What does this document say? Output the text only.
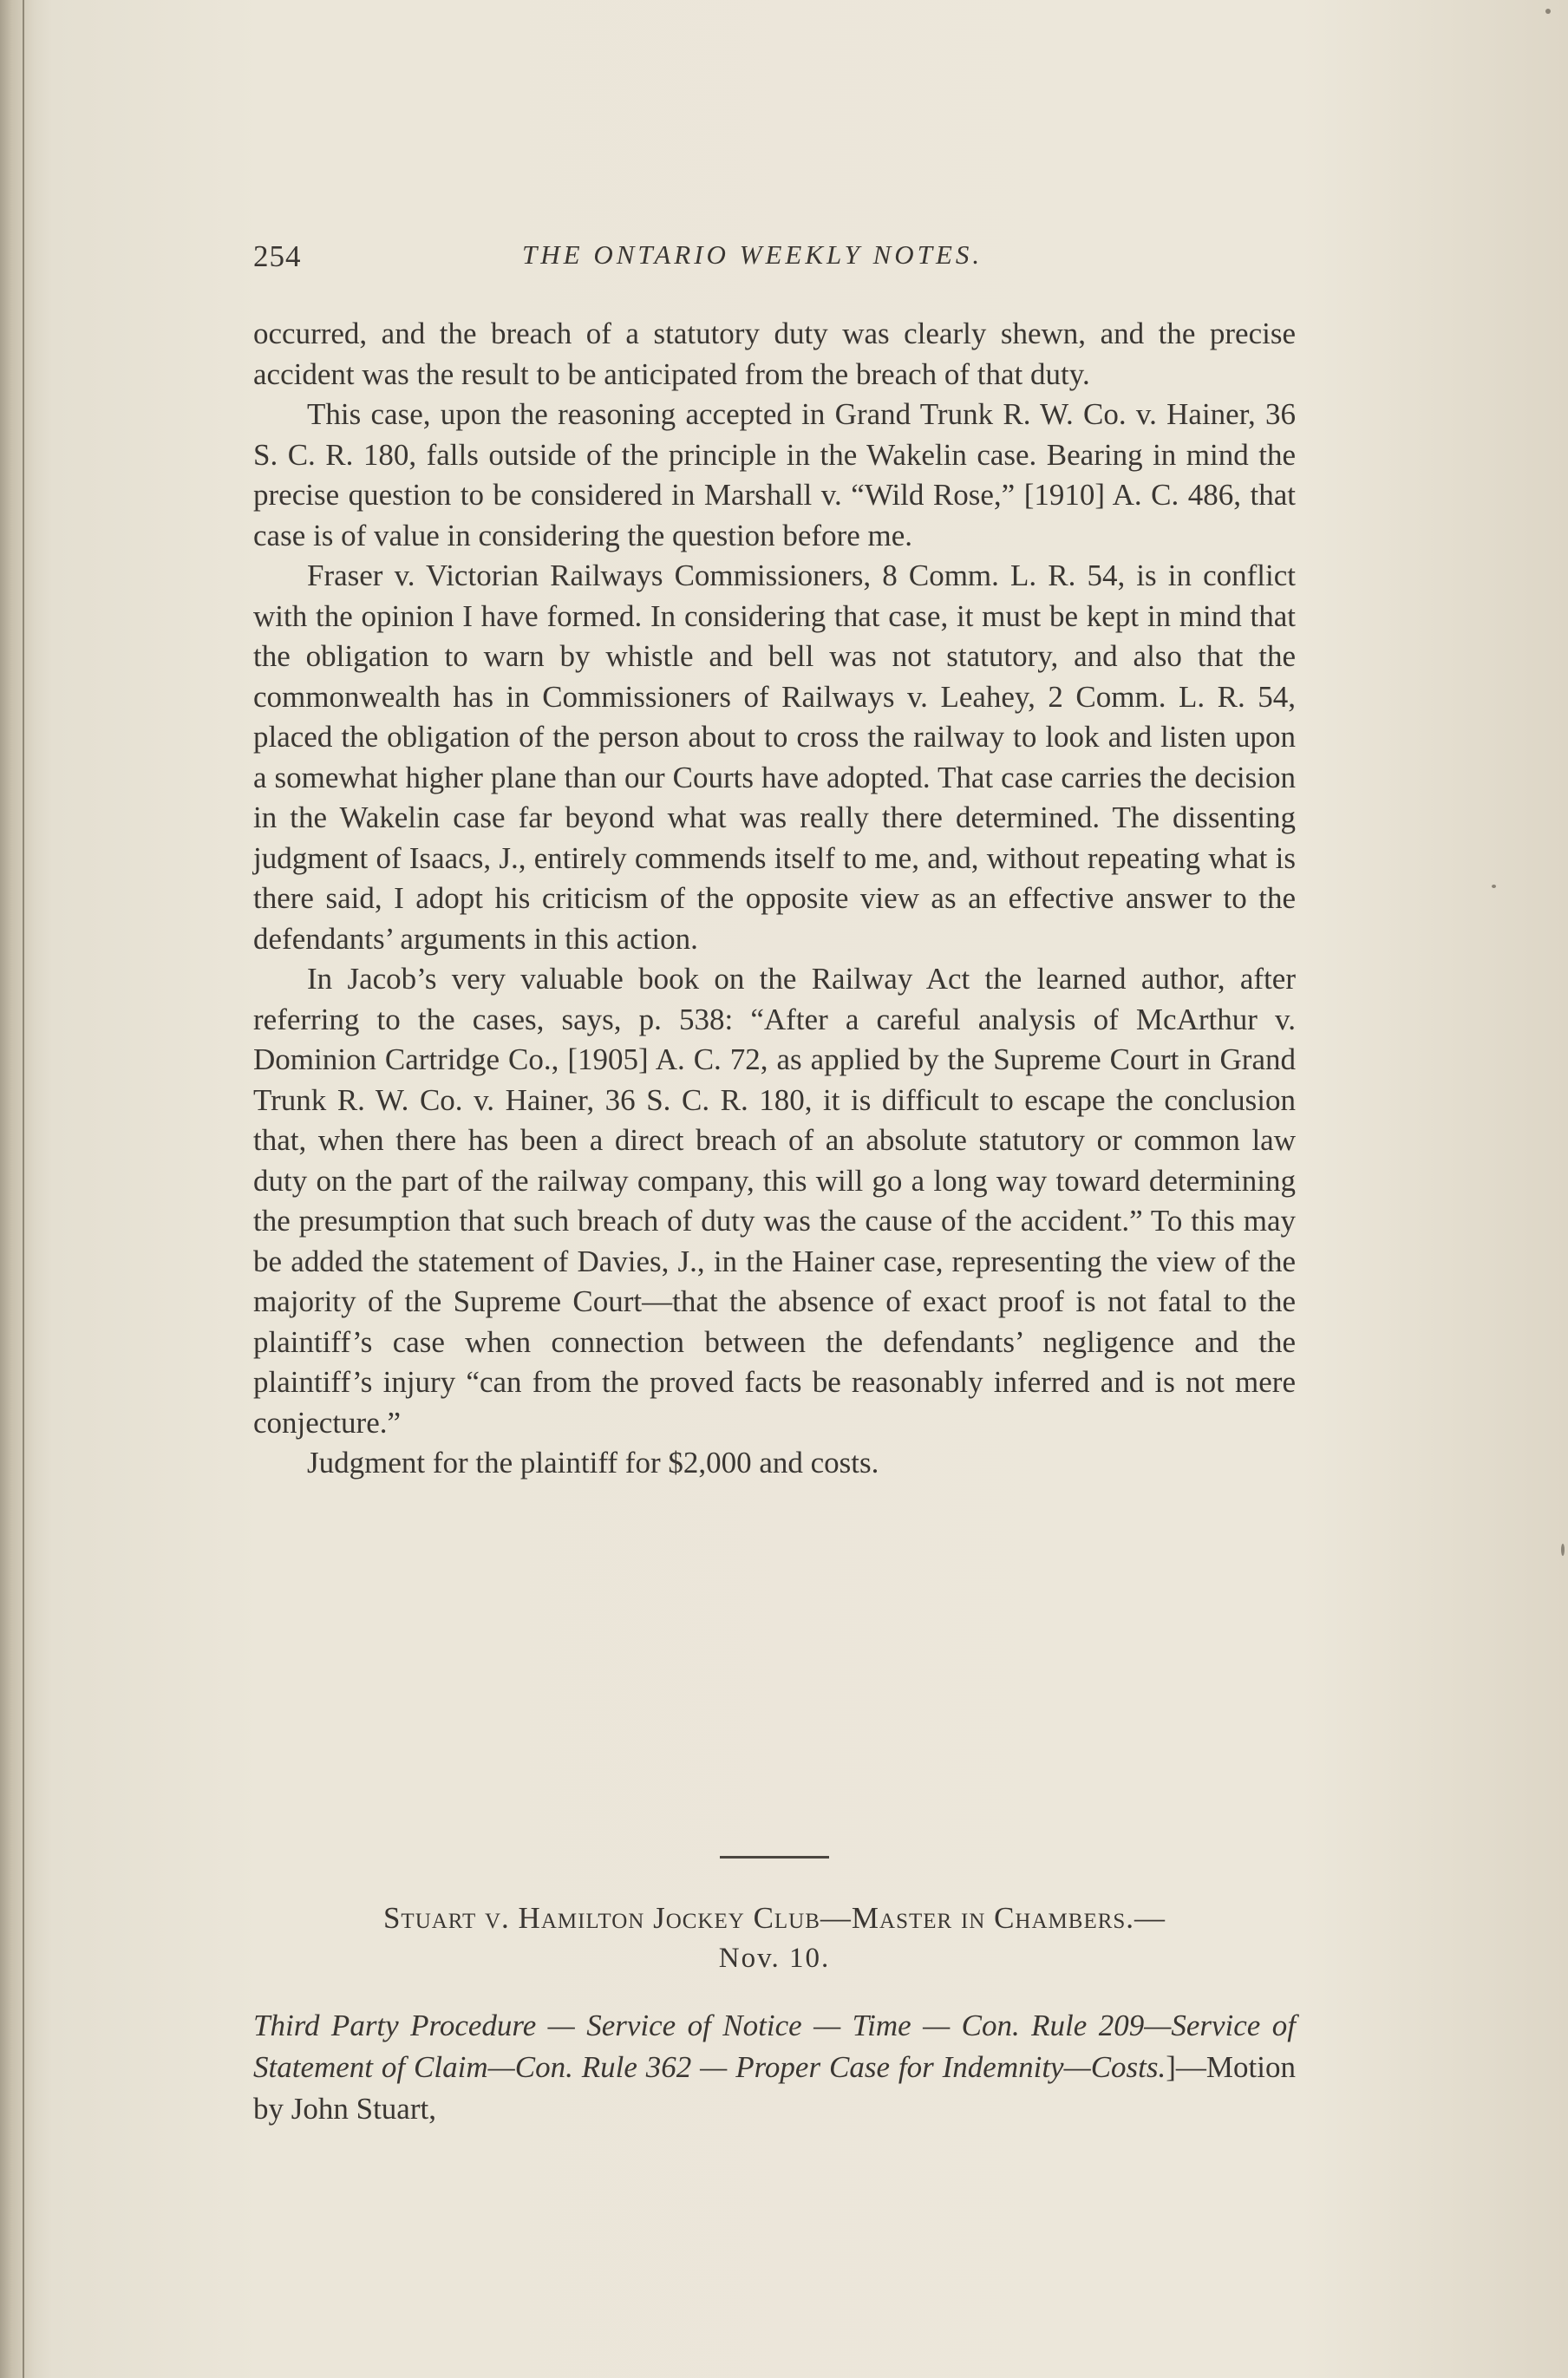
254	THE ONTARIO WEEKLY NOTES.

occurred, and the breach of a statutory duty was clearly shewn, and the precise accident was the result to be anticipated from the breach of that duty.

This case, upon the reasoning accepted in Grand Trunk R. W. Co. v. Hainer, 36 S. C. R. 180, falls outside of the principle in the Wakelin case. Bearing in mind the precise question to be considered in Marshall v. “Wild Rose,” [1910] A. C. 486, that case is of value in considering the question before me.

Fraser v. Victorian Railways Commissioners, 8 Comm. L. R. 54, is in conflict with the opinion I have formed. In considering that case, it must be kept in mind that the obligation to warn by whistle and bell was not statutory, and also that the commonwealth has in Commissioners of Railways v. Leahey, 2 Comm. L. R. 54, placed the obligation of the person about to cross the railway to look and listen upon a somewhat higher plane than our Courts have adopted. That case carries the decision in the Wakelin case far beyond what was really there determined. The dissenting judgment of Isaacs, J., entirely commends itself to me, and, without repeating what is there said, I adopt his criticism of the opposite view as an effective answer to the defendants’ arguments in this action.

In Jacob’s very valuable book on the Railway Act the learned author, after referring to the cases, says, p. 538: “After a careful analysis of McArthur v. Dominion Cartridge Co., [1905] A. C. 72, as applied by the Supreme Court in Grand Trunk R. W. Co. v. Hainer, 36 S. C. R. 180, it is difficult to escape the conclusion that, when there has been a direct breach of an absolute statutory or common law duty on the part of the railway company, this will go a long way toward determining the presumption that such breach of duty was the cause of the accident.” To this may be added the statement of Davies, J., in the Hainer case, representing the view of the majority of the Supreme Court—that the absence of exact proof is not fatal to the plaintiff’s case when connection between the defendants’ negligence and the plaintiff’s injury “can from the proved facts be reasonably inferred and is not mere conjecture.”

Judgment for the plaintiff for $2,000 and costs.

Stuart v. Hamilton Jockey Club—Master in Chambers.—
Nov. 10.
Third Party Procedure — Service of Notice — Time — Con. Rule 209—Service of Statement of Claim—Con. Rule 362 — Proper Case for Indemnity—Costs.]—Motion by John Stuart,
